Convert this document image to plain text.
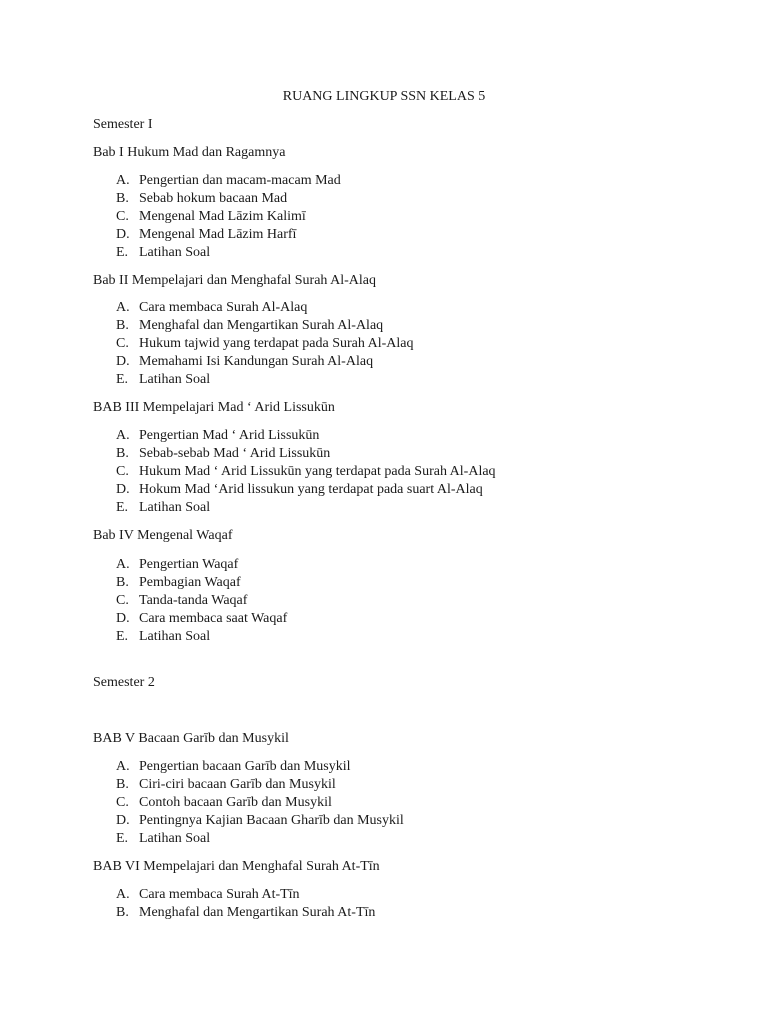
RUANG LINGKUP SSN KELAS 5
Semester I
Bab I Hukum Mad dan Ragamnya
A. Pengertian dan macam-macam Mad
B. Sebab hokum bacaan Mad
C. Mengenal Mad Lāzim Kalimī
D. Mengenal Mad Lāzim Harfī
E. Latihan Soal
Bab II Mempelajari dan Menghafal Surah Al-Alaq
A. Cara membaca Surah Al-Alaq
B. Menghafal dan Mengartikan Surah Al-Alaq
C. Hukum tajwid yang terdapat pada Surah Al-Alaq
D. Memahami Isi Kandungan Surah Al-Alaq
E. Latihan Soal
BAB III Mempelajari Mad ‘ Arid Lissukūn
A. Pengertian Mad ‘ Arid Lissukūn
B. Sebab-sebab Mad ‘ Arid Lissukūn
C. Hukum Mad ‘ Arid Lissukūn yang terdapat pada Surah Al-Alaq
D. Hokum Mad ‘Arid lissukun yang terdapat pada suart Al-Alaq
E. Latihan Soal
Bab IV Mengenal Waqaf
A. Pengertian Waqaf
B. Pembagian Waqaf
C. Tanda-tanda Waqaf
D. Cara membaca saat Waqaf
E. Latihan Soal
Semester 2
BAB V Bacaan Garīb dan Musykil
A. Pengertian bacaan Garīb dan Musykil
B. Ciri-ciri bacaan Garīb dan Musykil
C. Contoh bacaan Garīb dan Musykil
D. Pentingnya Kajian Bacaan Gharīb dan Musykil
E. Latihan Soal
BAB VI Mempelajari dan Menghafal Surah At-Tīn
A. Cara membaca Surah At-Tīn
B. Menghafal dan Mengartikan Surah At-Tīn
